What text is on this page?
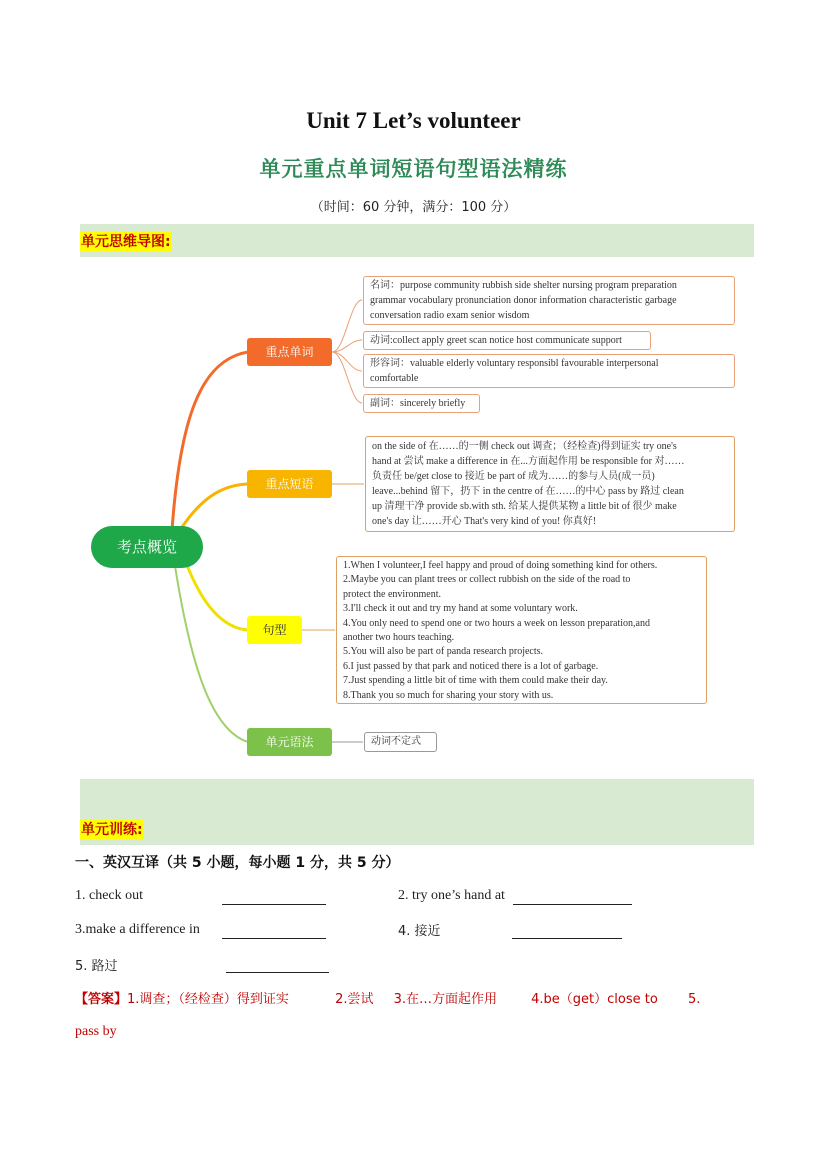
Unit 7 Let’s volunteer
单元重点单词短语句型语法精练
（时间：60 分钟，满分：100 分）
单元思维导图:
考点概览
重点单词
重点短语
句型
单元语法
名词：purpose community rubbish side shelter nursing program preparation
grammar vocabulary pronunciation donor information characteristic garbage
conversation radio exam senior wisdom
动词:collect apply greet scan notice host communicate support
形容词：valuable elderly voluntary responsibl favourable interpersonal
comfortable
副词：sincerely briefly
on the side of 在……的一侧 check out 调查；（经检查)得到证实 try one's
hand at 尝试 make a difference in 在...方面起作用 be responsible for 对……
负责任 be/get close to 接近 be part of 成为……的参与人员(成一员)
leave...behind 留下，扔下 in the centre of 在……的中心 pass by 路过 clean
up 清理干净 provide sb.with sth. 给某人提供某物 a little bit of 很少 make
one's day 让……开心 That's very kind of you! 你真好!
1.When I volunteer,I feel happy and proud of doing something kind for others.
2.Maybe you can plant trees or collect rubbish on the side of the road to
protect the environment.
3.I'll check it out and try my hand at some voluntary work.
4.You only need to spend one or two hours a week on lesson preparation,and
another two hours teaching.
5.You will also be part of panda research projects.
6.I just passed by that park and noticed there is a lot of garbage.
7.Just spending a little bit of time with them could make their day.
8.Thank you so much for sharing your story with us.
动词不定式
单元训练:
一、英汉互译（共 5 小题，每小题 1 分，共 5 分）
1. check out	2. try one’s hand at
3.make a difference in	4. 接近
5. 路过
【答案】1.调查；（经检查）得到证实	2.尝试 3.在…方面起作用	4.be（get）close to 5.
pass by
